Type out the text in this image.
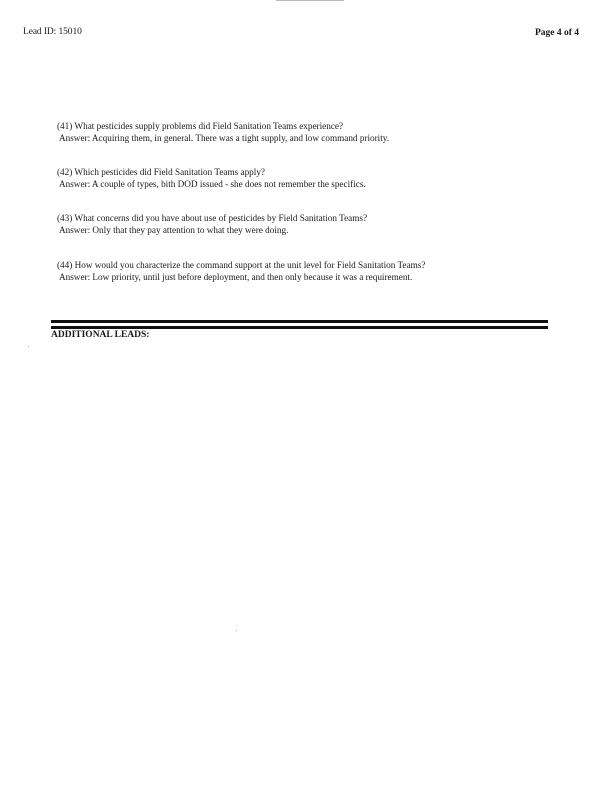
Lead ID: 15010	Page 4 of 4
(41) What pesticides supply problems did Field Sanitation Teams experience?
Answer: Acquiring them, in general. There was a tight supply, and low command priority.
(42) Which pesticides did Field Sanitation Teams apply?
Answer: A couple of types, bith DOD issued - she does not remember the specifics.
(43) What concerns did you have about use of pesticides by Field Sanitation Teams?
Answer: Only that they pay attention to what they were doing.
(44) How would you characterize the command support at the unit level for Field Sanitation Teams?
Answer: Low priority, until just before deployment, and then only because it was a requirement.
ADDITIONAL LEADS:
